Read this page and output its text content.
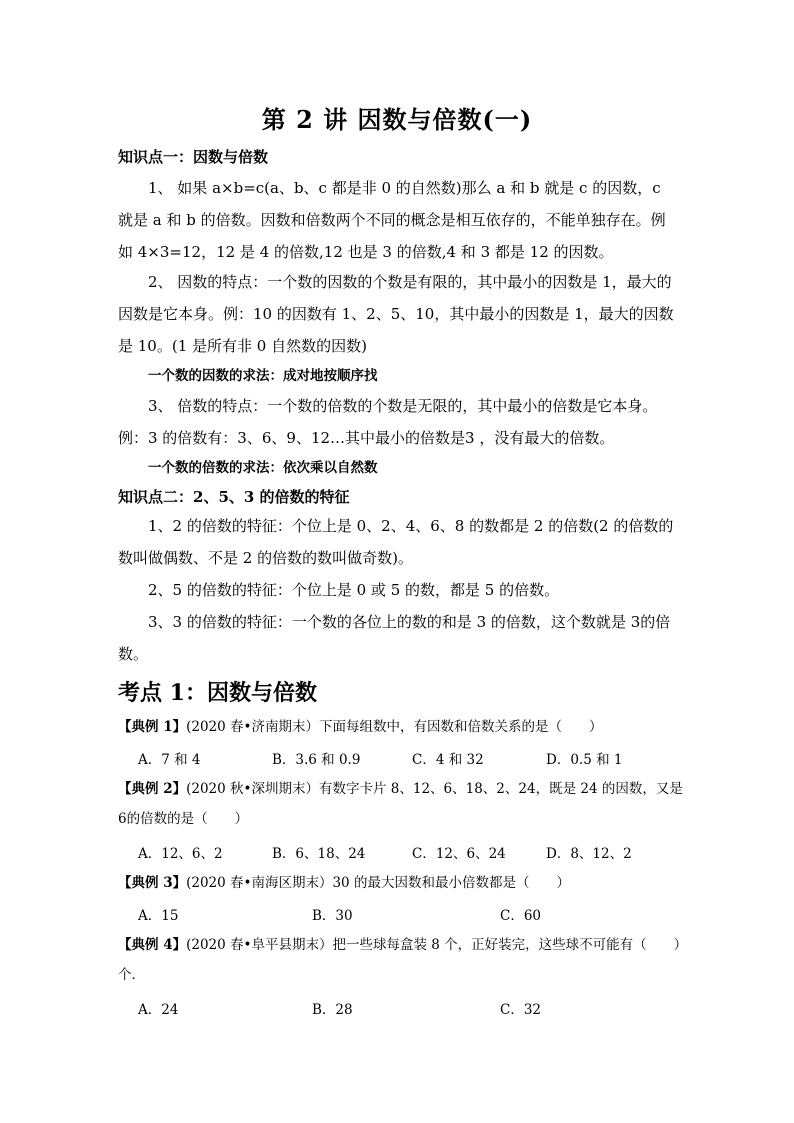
第 2 讲 因数与倍数(一)
知识点一：因数与倍数
1、 如果 a×b=c(a、b、c 都是非 0 的自然数)那么 a 和 b 就是 c 的因数，c 就是 a 和 b 的倍数。因数和倍数两个不同的概念是相互依存的，不能单独存在。例如 4×3=12，12 是 4 的倍数,12 也是 3 的倍数,4 和 3 都是 12 的因数。
2、 因数的特点：一个数的因数的个数是有限的，其中最小的因数是 1，最大的因数是它本身。例：10 的因数有 1、2、5、10，其中最小的因数是 1，最大的因数是 10。(1 是所有非 0 自然数的因数)
一个数的因数的求法：成对地按顺序找
3、 倍数的特点：一个数的倍数的个数是无限的，其中最小的倍数是它本身。例：3 的倍数有：3、6、9、12…其中最小的倍数是3 ，没有最大的倍数。
一个数的倍数的求法：依次乘以自然数
知识点二：2、5、3 的倍数的特征
1、2 的倍数的特征：个位上是 0、2、4、6、8 的数都是 2 的倍数(2 的倍数的数叫做偶数、不是 2 的倍数的数叫做奇数)。
2、5 的倍数的特征：个位上是 0 或 5 的数，都是 5 的倍数。
3、3 的倍数的特征：一个数的各位上的数的和是 3 的倍数，这个数就是 3的倍数。
考点 1：因数与倍数
【典例 1】(2020 春•济南期末）下面每组数中，有因数和倍数关系的是（　　）
A．7 和 4	B．3.6 和 0.9	C．4 和 32	D．0.5 和 1
【典例 2】(2020 秋•深圳期末）有数字卡片 8、12、6、18、2、24，既是 24 的因数，又是 6的倍数的是（　　）
A．12、6、2	B．6、18、24	C．12、6、24	D．8、12、2
【典例 3】(2020 春•南海区期末）30 的最大因数和最小倍数都是（　　）
A．15	B．30	C．60
【典例 4】(2020 春•阜平县期末）把一些球每盒装 8 个，正好装完，这些球不可能有（　　）个．
A．24	B．28	C．32
